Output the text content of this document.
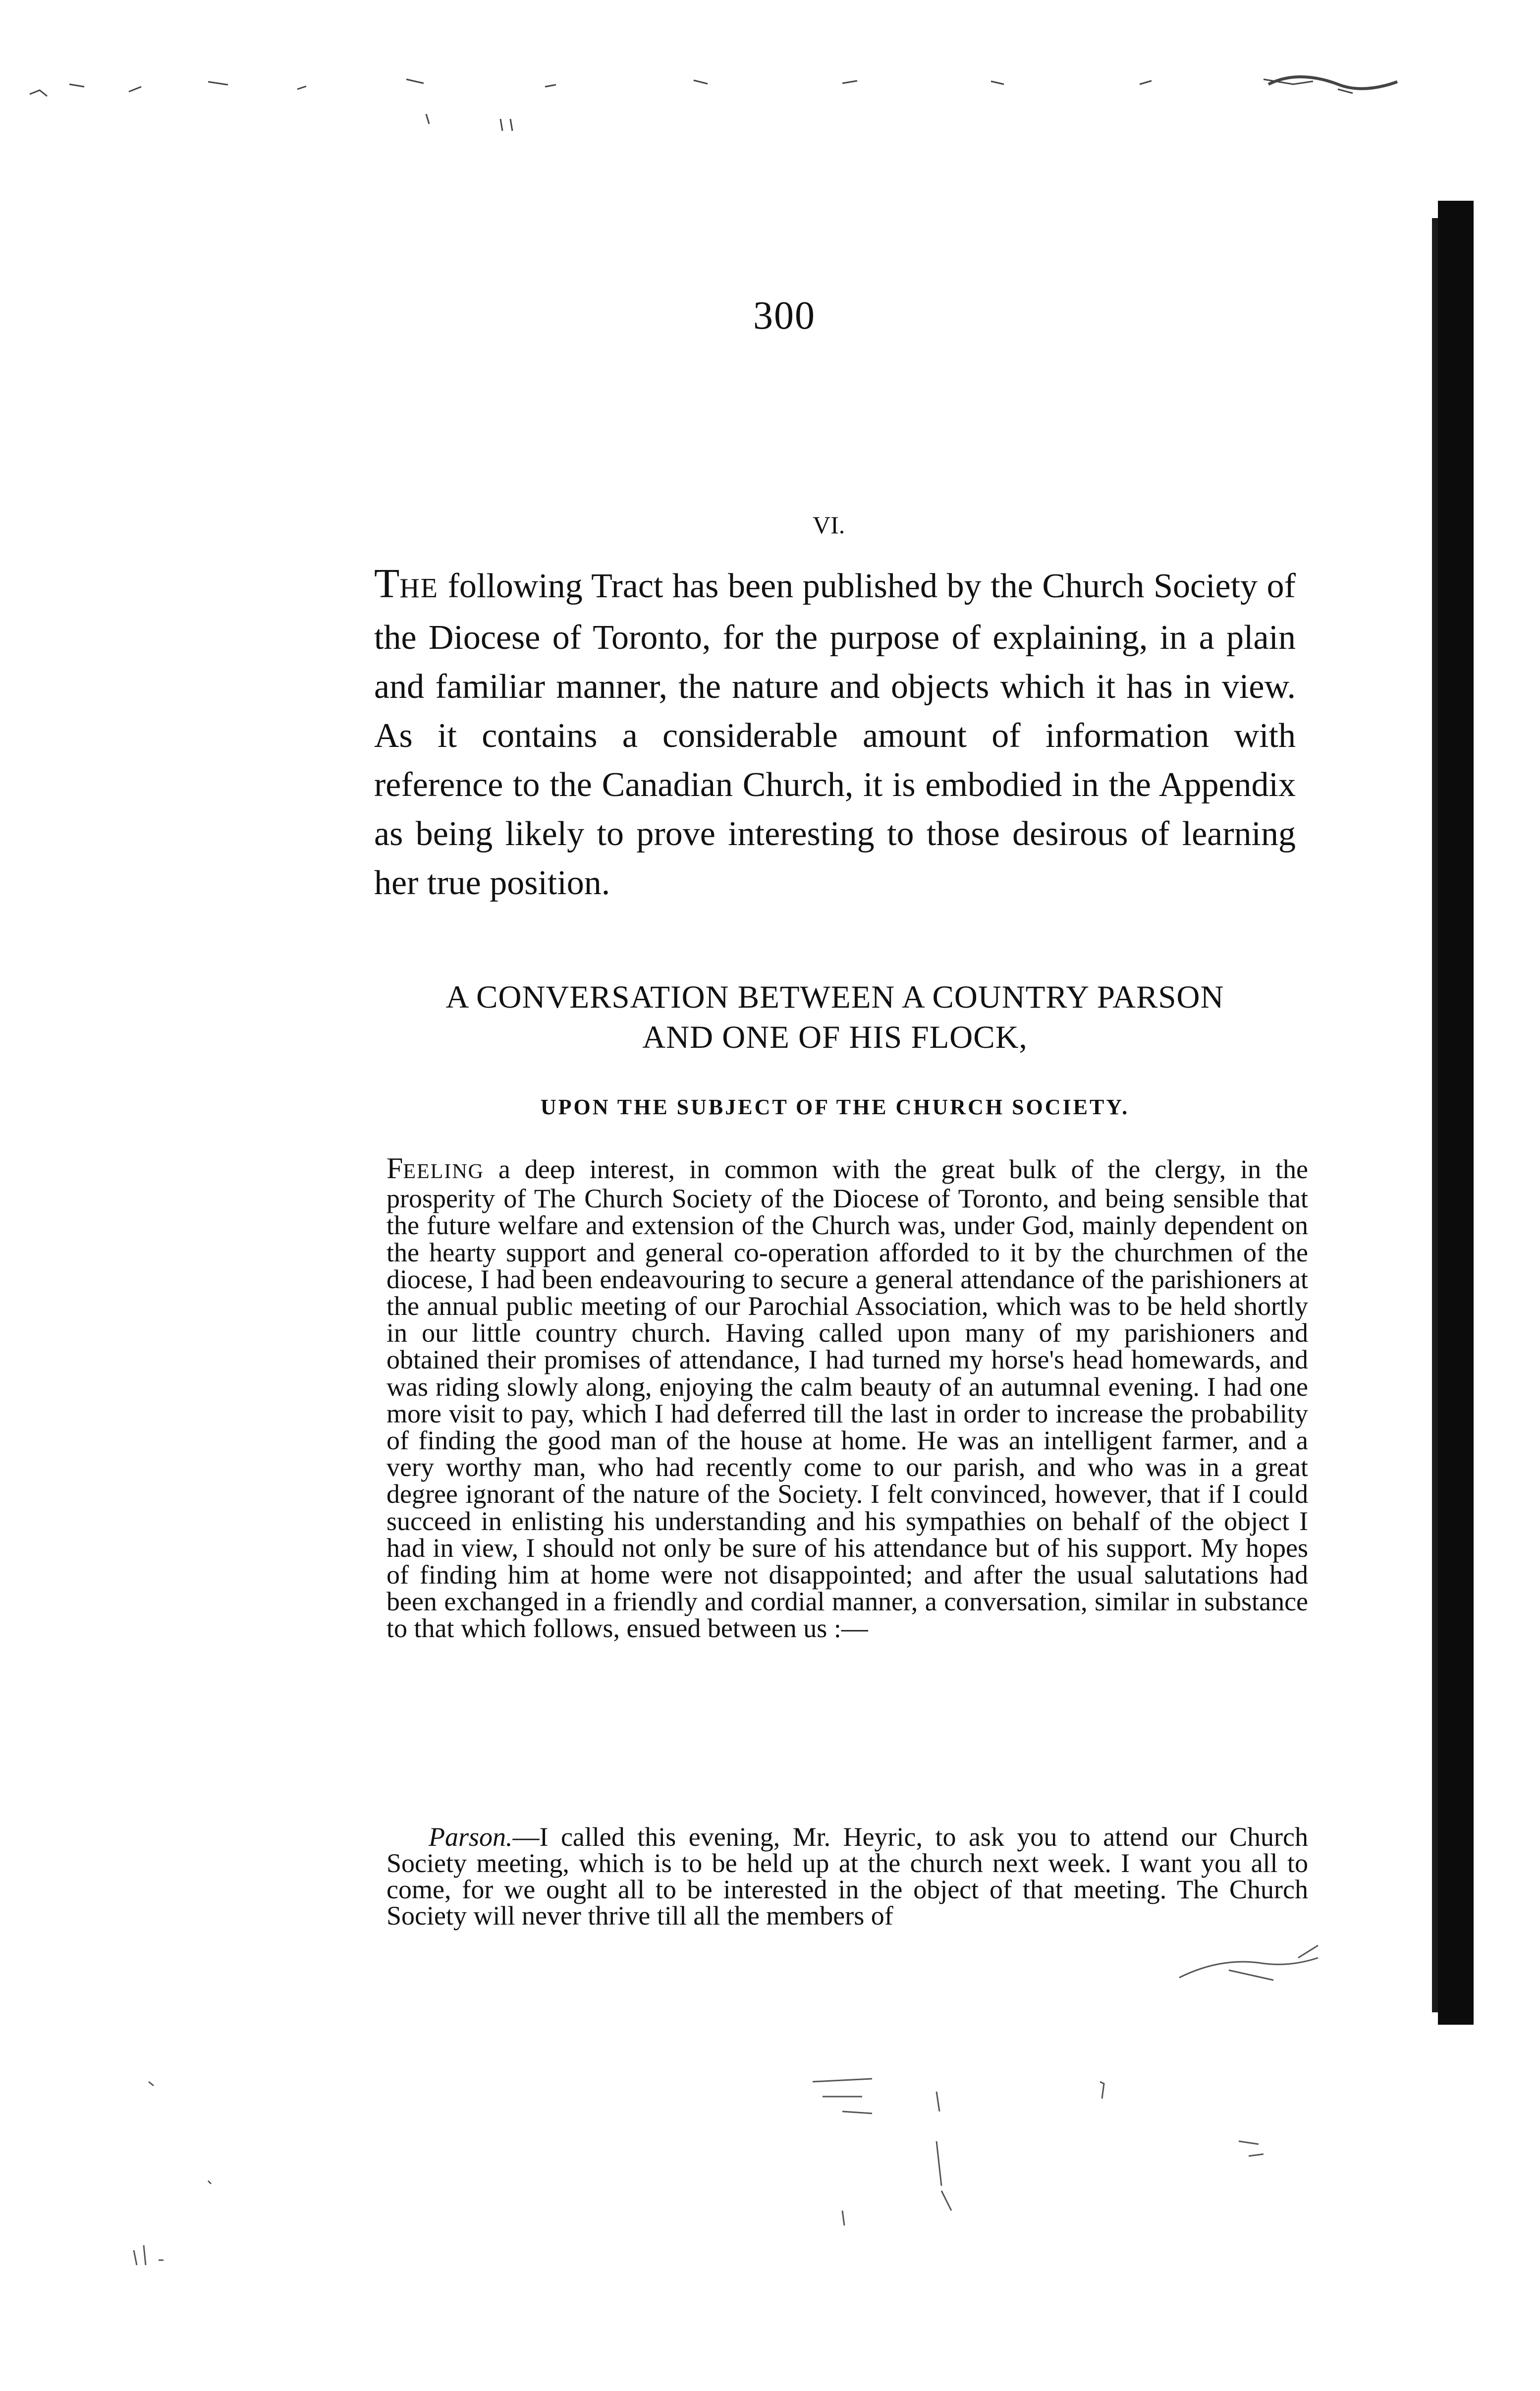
300
VI.

THE following Tract has been published by the Church Society of the Diocese of Toronto, for the purpose of explaining, in a plain and familiar manner, the nature and objects which it has in view. As it contains a considerable amount of information with reference to the Canadian Church, it is embodied in the Appendix as being likely to prove interesting to those desirous of learning her true position.

A CONVERSATION BETWEEN A COUNTRY PARSON

AND ONE OF HIS FLOCK,

UPON THE SUBJECT OF THE CHURCH SOCIETY.

FEELING a deep interest, in common with the great bulk of the clergy, in the prosperity of The Church Society of the Diocese of Toronto, and being sensible that the future welfare and extension of the Church was, under God, mainly dependent on the hearty support and general co-operation afforded to it by the churchmen of the diocese, I had been endeavouring to secure a general attendance of the parishioners at the annual public meeting of our Parochial Association, which was to be held shortly in our little country church. Having called upon many of my parishioners and obtained their promises of attendance, I had turned my horse's head homewards, and was riding slowly along, enjoying the calm beauty of an autumnal evening. I had one more visit to pay, which I had deferred till the last in order to increase the probability of finding the good man of the house at home. He was an intelligent farmer, and a very worthy man, who had recently come to our parish, and who was in a great degree ignorant of the nature of the Society. I felt convinced, however, that if I could succeed in enlisting his understanding and his sympathies on behalf of the object I had in view, I should not only be sure of his attendance but of his support. My hopes of finding him at home were not disappointed; and after the usual salutations had been exchanged in a friendly and cordial manner, a conversation, similar in substance to that which follows, ensued between us :—

Parson.—I called this evening, Mr. Heyric, to ask you to attend our Church Society meeting, which is to be held up at the church next week. I want you all to come, for we ought all to be interested in the object of that meeting. The Church Society will never thrive till all the members of
